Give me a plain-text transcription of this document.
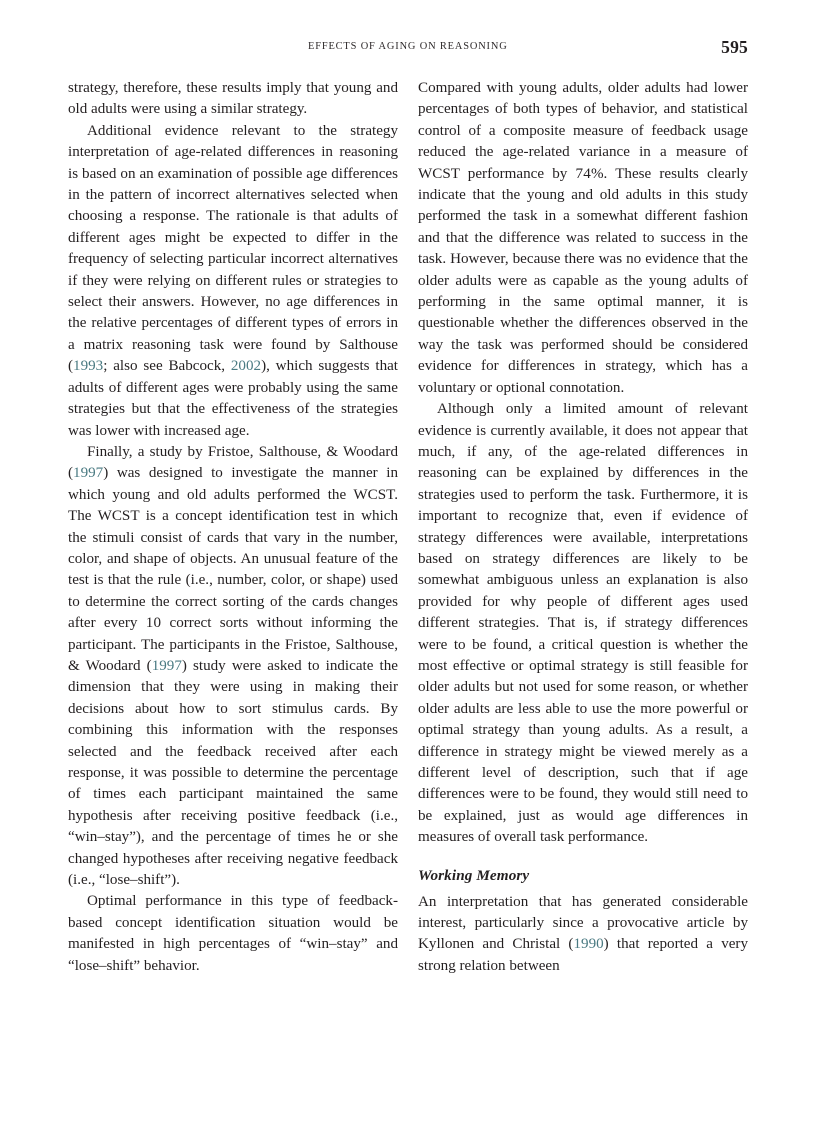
EFFECTS OF AGING ON REASONING	595

strategy, therefore, these results imply that young and old adults were using a similar strategy.

Additional evidence relevant to the strategy interpretation of age-related differences in reasoning is based on an examination of possible age differences in the pattern of incorrect alternatives selected when choosing a response. The rationale is that adults of different ages might be expected to differ in the frequency of selecting particular incorrect alternatives if they were relying on different rules or strategies to select their answers. However, no age differences in the relative percentages of different types of errors in a matrix reasoning task were found by Salthouse (1993; also see Babcock, 2002), which suggests that adults of different ages were probably using the same strategies but that the effectiveness of the strategies was lower with increased age.

Finally, a study by Fristoe, Salthouse, & Woodard (1997) was designed to investigate the manner in which young and old adults performed the WCST. The WCST is a concept identification test in which the stimuli consist of cards that vary in the number, color, and shape of objects. An unusual feature of the test is that the rule (i.e., number, color, or shape) used to determine the correct sorting of the cards changes after every 10 correct sorts without informing the participant. The participants in the Fristoe, Salthouse, & Woodard (1997) study were asked to indicate the dimension that they were using in making their decisions about how to sort stimulus cards. By combining this information with the responses selected and the feedback received after each response, it was possible to determine the percentage of times each participant maintained the same hypothesis after receiving positive feedback (i.e., “win–stay”), and the percentage of times he or she changed hypotheses after receiving negative feedback (i.e., “lose–shift”).

Optimal performance in this type of feedback-based concept identification situation would be manifested in high percentages of “win–stay” and “lose–shift” behavior.

Compared with young adults, older adults had lower percentages of both types of behavior, and statistical control of a composite measure of feedback usage reduced the age-related variance in a measure of WCST performance by 74%. These results clearly indicate that the young and old adults in this study performed the task in a somewhat different fashion and that the difference was related to success in the task. However, because there was no evidence that the older adults were as capable as the young adults of performing in the same optimal manner, it is questionable whether the differences observed in the way the task was performed should be considered evidence for differences in strategy, which has a voluntary or optional connotation.

Although only a limited amount of relevant evidence is currently available, it does not appear that much, if any, of the age-related differences in reasoning can be explained by differences in the strategies used to perform the task. Furthermore, it is important to recognize that, even if evidence of strategy differences were available, interpretations based on strategy differences are likely to be somewhat ambiguous unless an explanation is also provided for why people of different ages used different strategies. That is, if strategy differences were to be found, a critical question is whether the most effective or optimal strategy is still feasible for older adults but not used for some reason, or whether older adults are less able to use the more powerful or optimal strategy than young adults. As a result, a difference in strategy might be viewed merely as a different level of description, such that if age differences were to be found, they would still need to be explained, just as would age differences in measures of overall task performance.

Working Memory

An interpretation that has generated considerable interest, particularly since a provocative article by Kyllonen and Christal (1990) that reported a very strong relation between
